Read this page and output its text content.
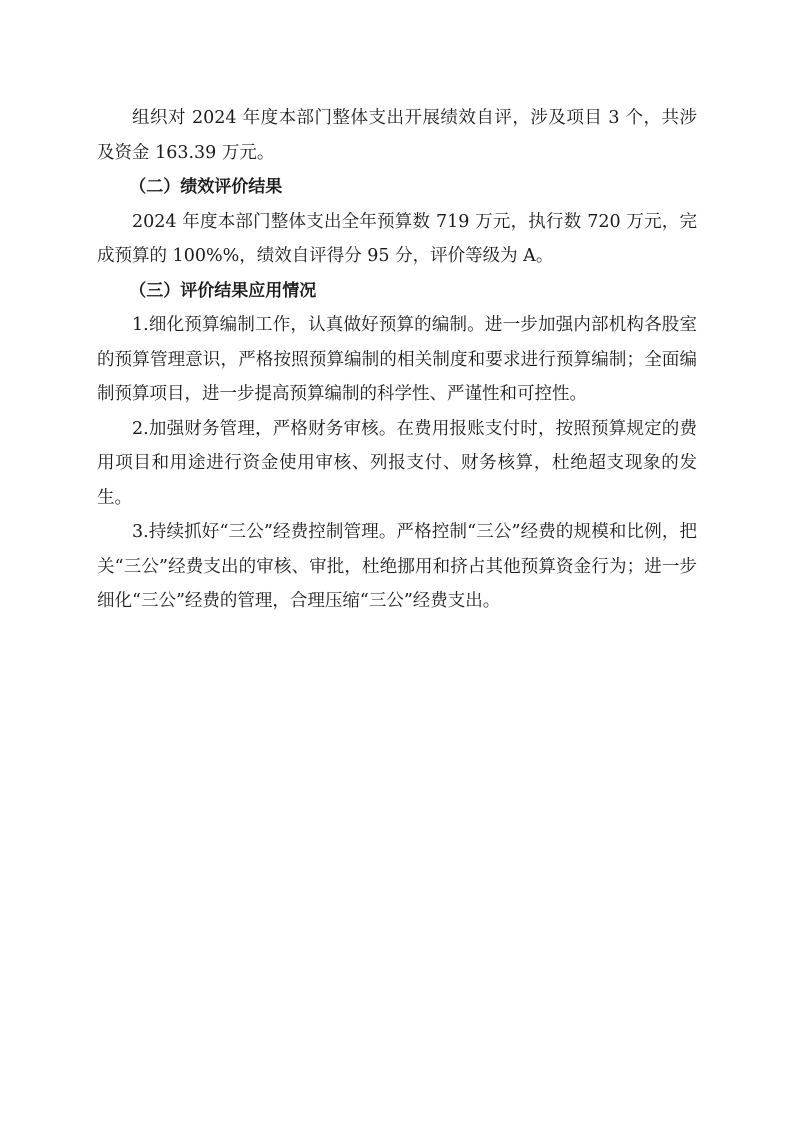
组织对 2024 年度本部门整体支出开展绩效自评，涉及项目 3 个，共涉及资金 163.39 万元。

（二）绩效评价结果

2024 年度本部门整体支出全年预算数 719 万元，执行数 720 万元，完成预算的 100%%，绩效自评得分 95 分，评价等级为 A。

（三）评价结果应用情况

1.细化预算编制工作，认真做好预算的编制。进一步加强内部机构各股室的预算管理意识，严格按照预算编制的相关制度和要求进行预算编制；全面编制预算项目，进一步提高预算编制的科学性、严谨性和可控性。

2.加强财务管理，严格财务审核。在费用报账支付时，按照预算规定的费用项目和用途进行资金使用审核、列报支付、财务核算，杜绝超支现象的发生。

3.持续抓好“三公”经费控制管理。严格控制“三公”经费的规模和比例，把关“三公”经费支出的审核、审批，杜绝挪用和挤占其他预算资金行为；进一步细化“三公”经费的管理，合理压缩“三公”经费支出。
